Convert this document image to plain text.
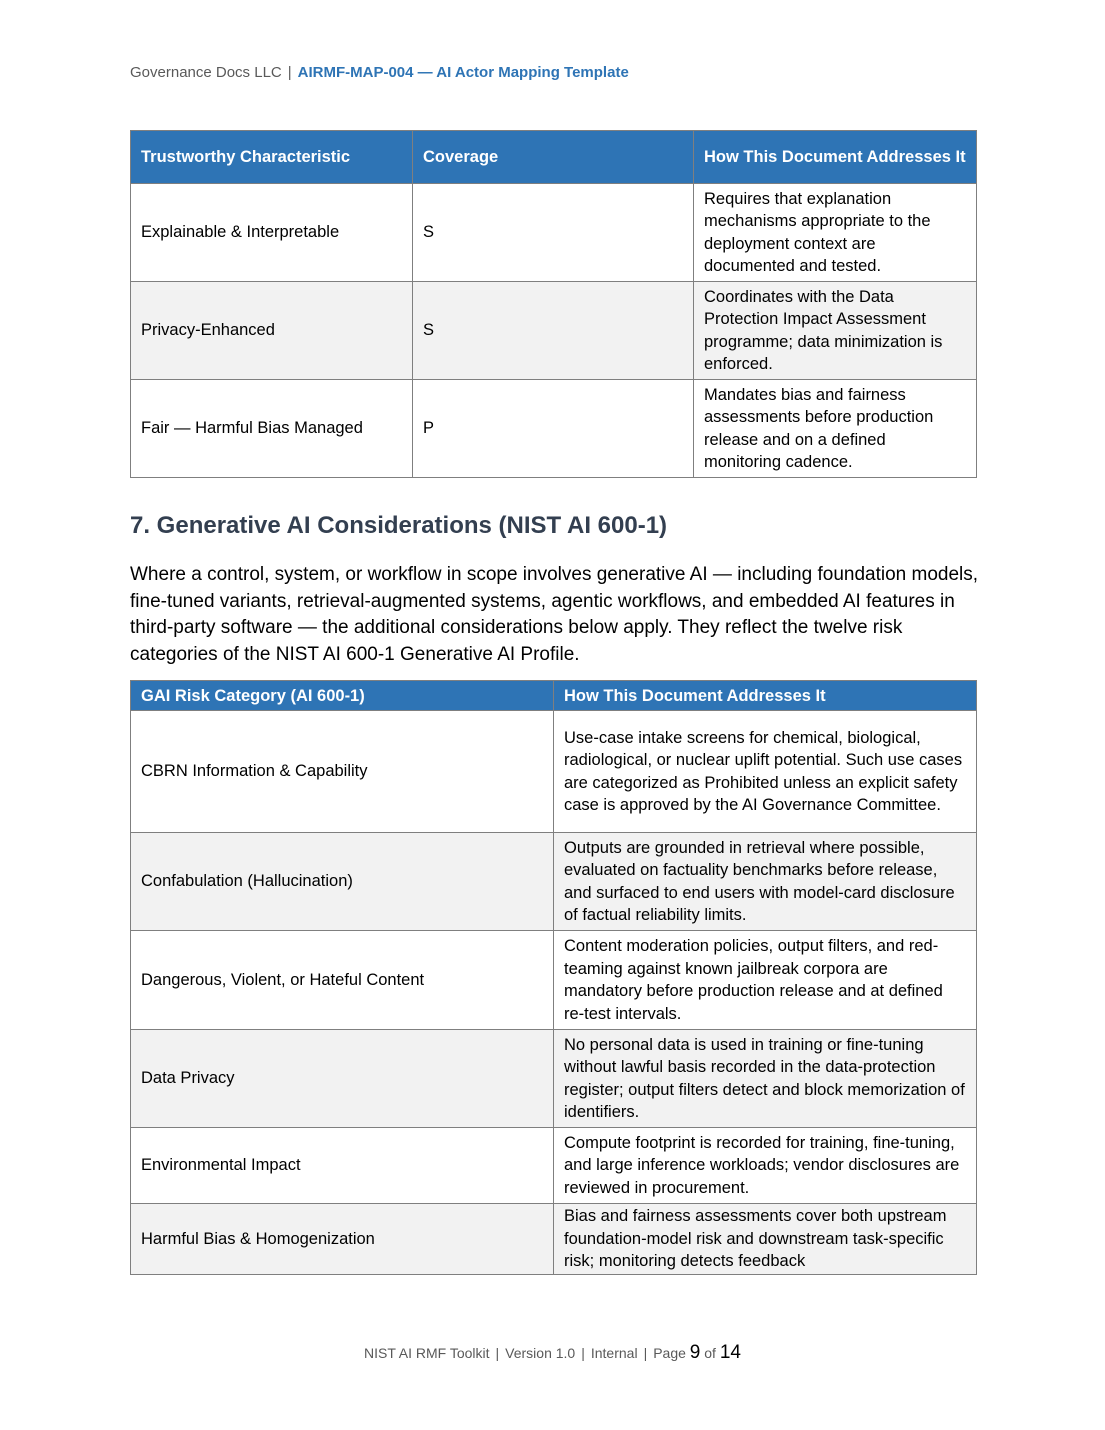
Governance Docs LLC | AIRMF-MAP-004 — AI Actor Mapping Template
Trustworthy Characteristic	Coverage	How This Document Addresses It
Explainable & Interpretable	S	Requires that explanation mechanisms appropriate to the deployment context are documented and tested.
Privacy-Enhanced	S	Coordinates with the Data Protection Impact Assessment programme; data minimization is enforced.
Fair — Harmful Bias Managed	P	Mandates bias and fairness assessments before production release and on a defined monitoring cadence.
7. Generative AI Considerations (NIST AI 600-1)

Where a control, system, or workflow in scope involves generative AI — including foundation models, fine-tuned variants, retrieval-augmented systems, agentic workflows, and embedded AI features in third-party software — the additional considerations below apply. They reflect the twelve risk categories of the NIST AI 600-1 Generative AI Profile.

GAI Risk Category (AI 600-1)	How This Document Addresses It
CBRN Information & Capability	Use-case intake screens for chemical, biological, radiological, or nuclear uplift potential. Such use cases are categorized as Prohibited unless an explicit safety case is approved by the AI Governance Committee.
Confabulation (Hallucination)	Outputs are grounded in retrieval where possible, evaluated on factuality benchmarks before release, and surfaced to end users with model-card disclosure of factual reliability limits.
Dangerous, Violent, or Hateful Content	Content moderation policies, output filters, and red-teaming against known jailbreak corpora are mandatory before production release and at defined re-test intervals.
Data Privacy	No personal data is used in training or fine-tuning without lawful basis recorded in the data-protection register; output filters detect and block memorization of identifiers.
Environmental Impact	Compute footprint is recorded for training, fine-tuning, and large inference workloads; vendor disclosures are reviewed in procurement.
Harmful Bias & Homogenization	Bias and fairness assessments cover both upstream foundation-model risk and downstream task-specific risk; monitoring detects feedback
NIST AI RMF Toolkit | Version 1.0 | Internal | Page 9 of 14
